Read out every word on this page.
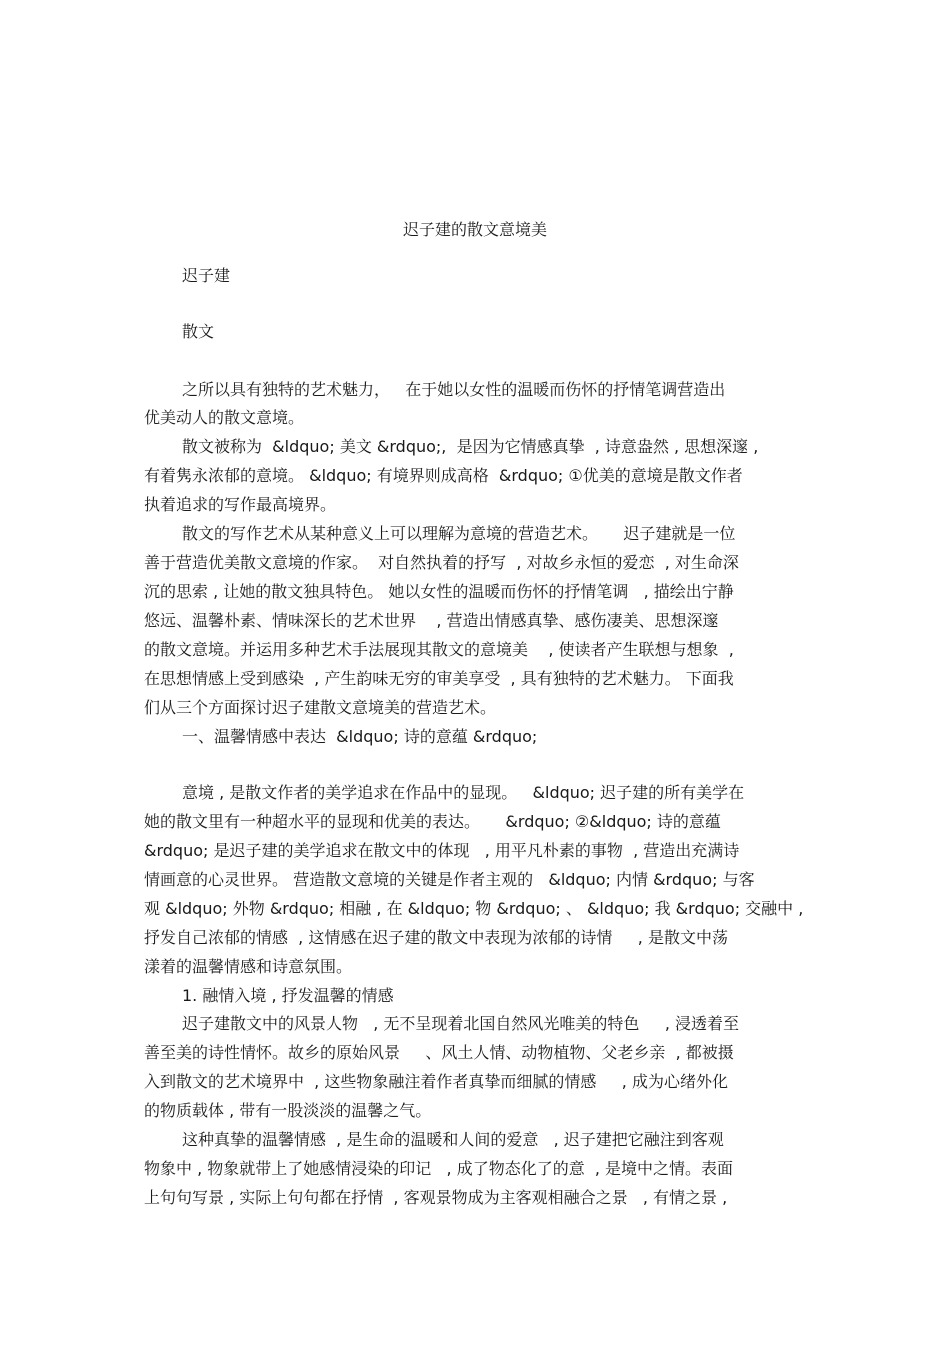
迟子建的散文意境美
迟子建
散文
之所以具有独特的艺术魅力，   在于她以女性的温暖而伤怀的抒情笔调营造出
优美动人的散文意境。
散文被称为  &ldquo; 美文 &rdquo;,  是因为它情感真挚  , 诗意盎然 , 思想深邃 ,
有着隽永浓郁的意境。 &ldquo; 有境界则成高格  &rdquo; ①优美的意境是散文作者
执着追求的写作最高境界。
散文的写作艺术从某种意义上可以理解为意境的营造艺术。     迟子建就是一位
善于营造优美散文意境的作家。  对自然执着的抒写  , 对故乡永恒的爱恋  , 对生命深
沉的思索 , 让她的散文独具特色。 她以女性的温暖而伤怀的抒情笔调   , 描绘出宁静
悠远、温馨朴素、情味深长的艺术世界    , 营造出情感真挚、感伤凄美、思想深邃
的散文意境。并运用多种艺术手法展现其散文的意境美    , 使读者产生联想与想象  ,
在思想情感上受到感染  , 产生韵味无穷的审美享受  , 具有独特的艺术魅力。 下面我
们从三个方面探讨迟子建散文意境美的营造艺术。
一、温馨情感中表达  &ldquo; 诗的意蕴 &rdquo;
意境 , 是散文作者的美学追求在作品中的显现。   &ldquo; 迟子建的所有美学在
她的散文里有一种超水平的显现和优美的表达。     &rdquo; ②&ldquo; 诗的意蕴
&rdquo; 是迟子建的美学追求在散文中的体现   , 用平凡朴素的事物  , 营造出充满诗
情画意的心灵世界。 营造散文意境的关键是作者主观的   &ldquo; 内情 &rdquo; 与客
观 &ldquo; 外物 &rdquo; 相融 , 在 &ldquo; 物 &rdquo; 、 &ldquo; 我 &rdquo; 交融中 ,
抒发自己浓郁的情感  , 这情感在迟子建的散文中表现为浓郁的诗情     , 是散文中荡
漾着的温馨情感和诗意氛围。
1. 融情入境 , 抒发温馨的情感
迟子建散文中的风景人物   , 无不呈现着北国自然风光唯美的特色     , 浸透着至
善至美的诗性情怀。故乡的原始风景     、风土人情、动物植物、父老乡亲  , 都被摄
入到散文的艺术境界中  , 这些物象融注着作者真挚而细腻的情感     , 成为心绪外化
的物质载体 , 带有一股淡淡的温馨之气。
这种真挚的温馨情感  , 是生命的温暖和人间的爱意   , 迟子建把它融注到客观
物象中 , 物象就带上了她感情浸染的印记   , 成了物态化了的意  , 是境中之情。表面
上句句写景 , 实际上句句都在抒情  , 客观景物成为主客观相融合之景   , 有情之景 ,
